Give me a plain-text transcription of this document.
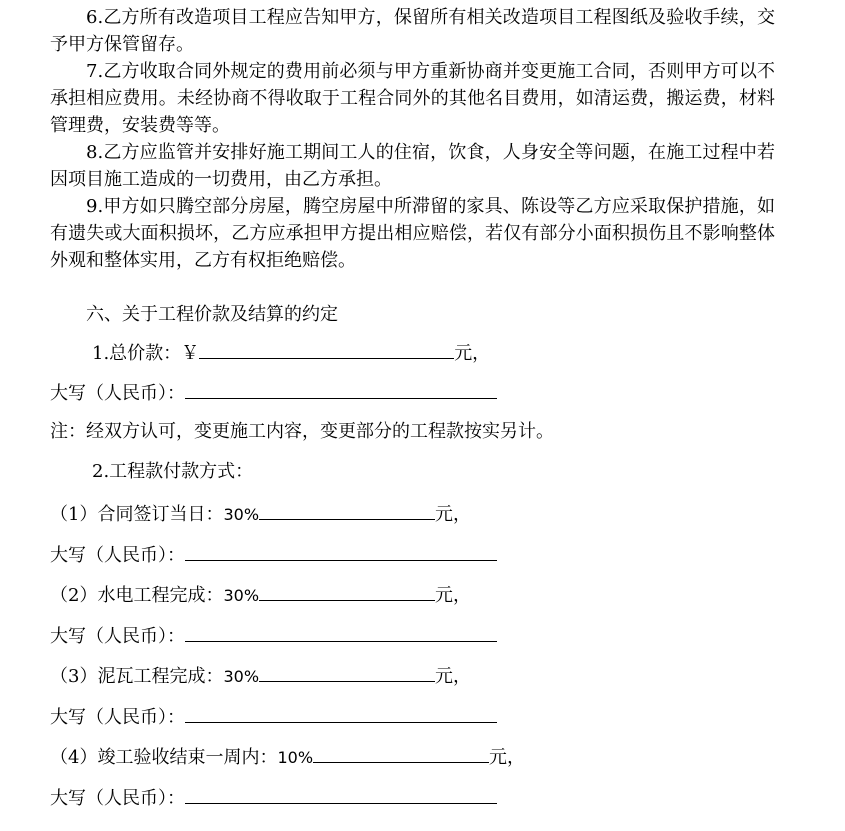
6.乙方所有改造项目工程应告知甲方，保留所有相关改造项目工程图纸及验收手续，交予甲方保管留存。

7.乙方收取合同外规定的费用前必须与甲方重新协商并变更施工合同，否则甲方可以不承担相应费用。未经协商不得收取于工程合同外的其他名目费用，如清运费，搬运费，材料管理费，安装费等等。

8.乙方应监管并安排好施工期间工人的住宿，饮食，人身安全等问题，在施工过程中若因项目施工造成的一切费用，由乙方承担。

9.甲方如只腾空部分房屋，腾空房屋中所滞留的家具、陈设等乙方应采取保护措施，如有遗失或大面积损坏，乙方应承担甲方提出相应赔偿，若仅有部分小面积损伤且不影响整体外观和整体实用，乙方有权拒绝赔偿。

六、关于工程价款及结算的约定
1.总价款：￥	元，
大写（人民币）：
注：经双方认可，变更施工内容，变更部分的工程款按实另计。
2.工程款付款方式：
（1）合同签订当日：30%	元，
大写（人民币）：
（2）水电工程完成：30%	元，
大写（人民币）：
（3）泥瓦工程完成：30%	元，
大写（人民币）：
（4）竣工验收结束一周内：10%	元，
大写（人民币）：
